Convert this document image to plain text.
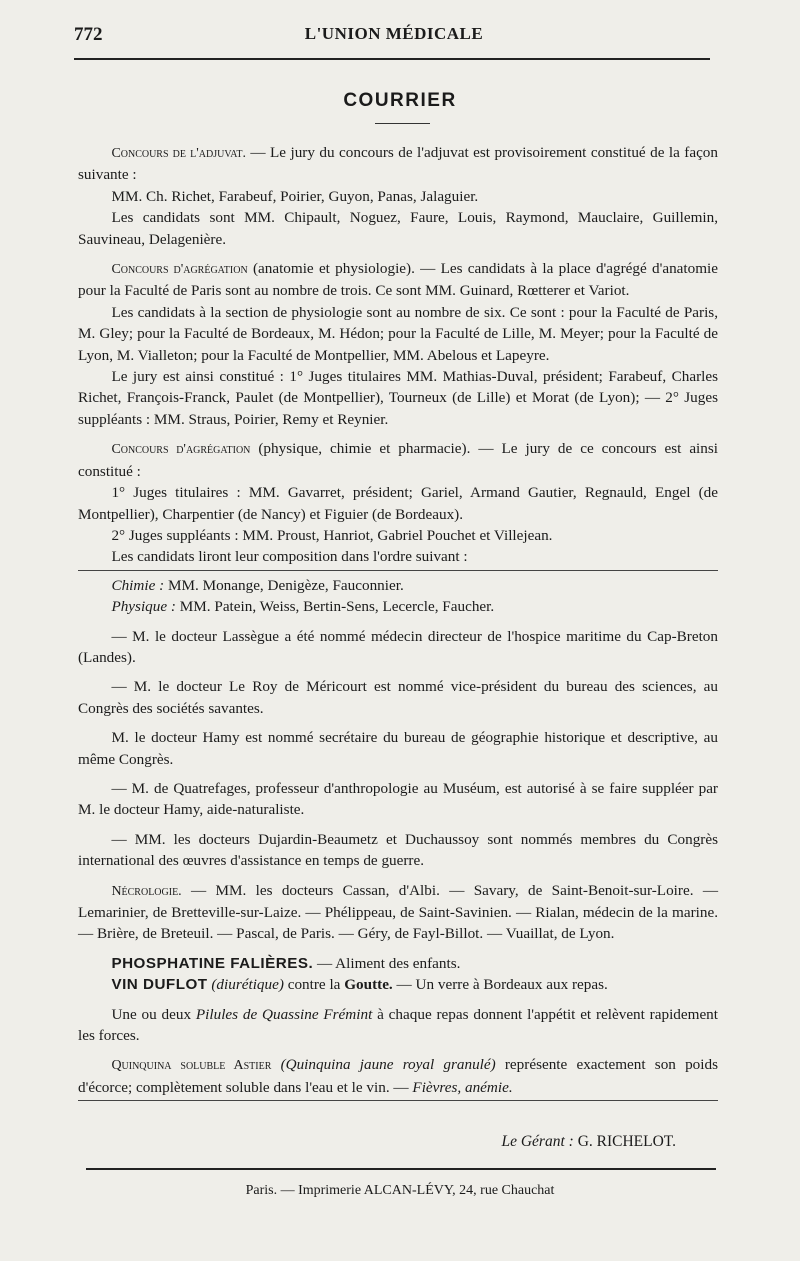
772	L'UNION MÉDICALE
COURRIER

Concours de l'adjuvat. — Le jury du concours de l'adjuvat est provisoirement constitué de la façon suivante :

MM. Ch. Richet, Farabeuf, Poirier, Guyon, Panas, Jalaguier.

Les candidats sont MM. Chipault, Noguez, Faure, Louis, Raymond, Mauclaire, Guillemin, Sauvineau, Delagenière.

Concours d'agrégation (anatomie et physiologie). — Les candidats à la place d'agrégé d'anatomie pour la Faculté de Paris sont au nombre de trois. Ce sont MM. Guinard, Rœtterer et Variot.

Les candidats à la section de physiologie sont au nombre de six. Ce sont : pour la Faculté de Paris, M. Gley; pour la Faculté de Bordeaux, M. Hédon; pour la Faculté de Lille, M. Meyer; pour la Faculté de Lyon, M. Vialleton; pour la Faculté de Montpellier, MM. Abelous et Lapeyre.

Le jury est ainsi constitué : 1° Juges titulaires MM. Mathias-Duval, président; Farabeuf, Charles Richet, François-Franck, Paulet (de Montpellier), Tourneux (de Lille) et Morat (de Lyon); — 2° Juges suppléants : MM. Straus, Poirier, Remy et Reynier.

Concours d'agrégation (physique, chimie et pharmacie). — Le jury de ce concours est ainsi constitué :

1° Juges titulaires : MM. Gavarret, président; Gariel, Armand Gautier, Regnauld, Engel (de Montpellier), Charpentier (de Nancy) et Figuier (de Bordeaux).

2° Juges suppléants : MM. Proust, Hanriot, Gabriel Pouchet et Villejean.

Les candidats liront leur composition dans l'ordre suivant :

Chimie : MM. Monange, Denigèze, Fauconnier.

Physique : MM. Patein, Weiss, Bertin-Sens, Lecercle, Faucher.

— M. le docteur Lassègue a été nommé médecin directeur de l'hospice maritime du Cap-Breton (Landes).

— M. le docteur Le Roy de Méricourt est nommé vice-président du bureau des sciences, au Congrès des sociétés savantes.

M. le docteur Hamy est nommé secrétaire du bureau de géographie historique et descriptive, au même Congrès.

— M. de Quatrefages, professeur d'anthropologie au Muséum, est autorisé à se faire suppléer par M. le docteur Hamy, aide-naturaliste.

— MM. les docteurs Dujardin-Beaumetz et Duchaussoy sont nommés membres du Congrès international des œuvres d'assistance en temps de guerre.

Nécrologie. — MM. les docteurs Cassan, d'Albi. — Savary, de Saint-Benoit-sur-Loire. — Lemarinier, de Bretteville-sur-Laize. — Phélippeau, de Saint-Savinien. — Rialan, médecin de la marine. — Brière, de Breteuil. — Pascal, de Paris. — Géry, de Fayl-Billot. — Vuaillat, de Lyon.

PHOSPHATINE FALIÈRES. — Aliment des enfants.

VIN DUFLOT (diurétique) contre la Goutte. — Un verre à Bordeaux aux repas.

Une ou deux Pilules de Quassine Frémint à chaque repas donnent l'appétit et relèvent rapidement les forces.

Quinquina soluble Astier (Quinquina jaune royal granulé) représente exactement son poids d'écorce; complètement soluble dans l'eau et le vin. — Fièvres, anémie.

Le Gérant : G. RICHELOT.
Paris. — Imprimerie ALCAN-LÉVY, 24, rue Chauchat
